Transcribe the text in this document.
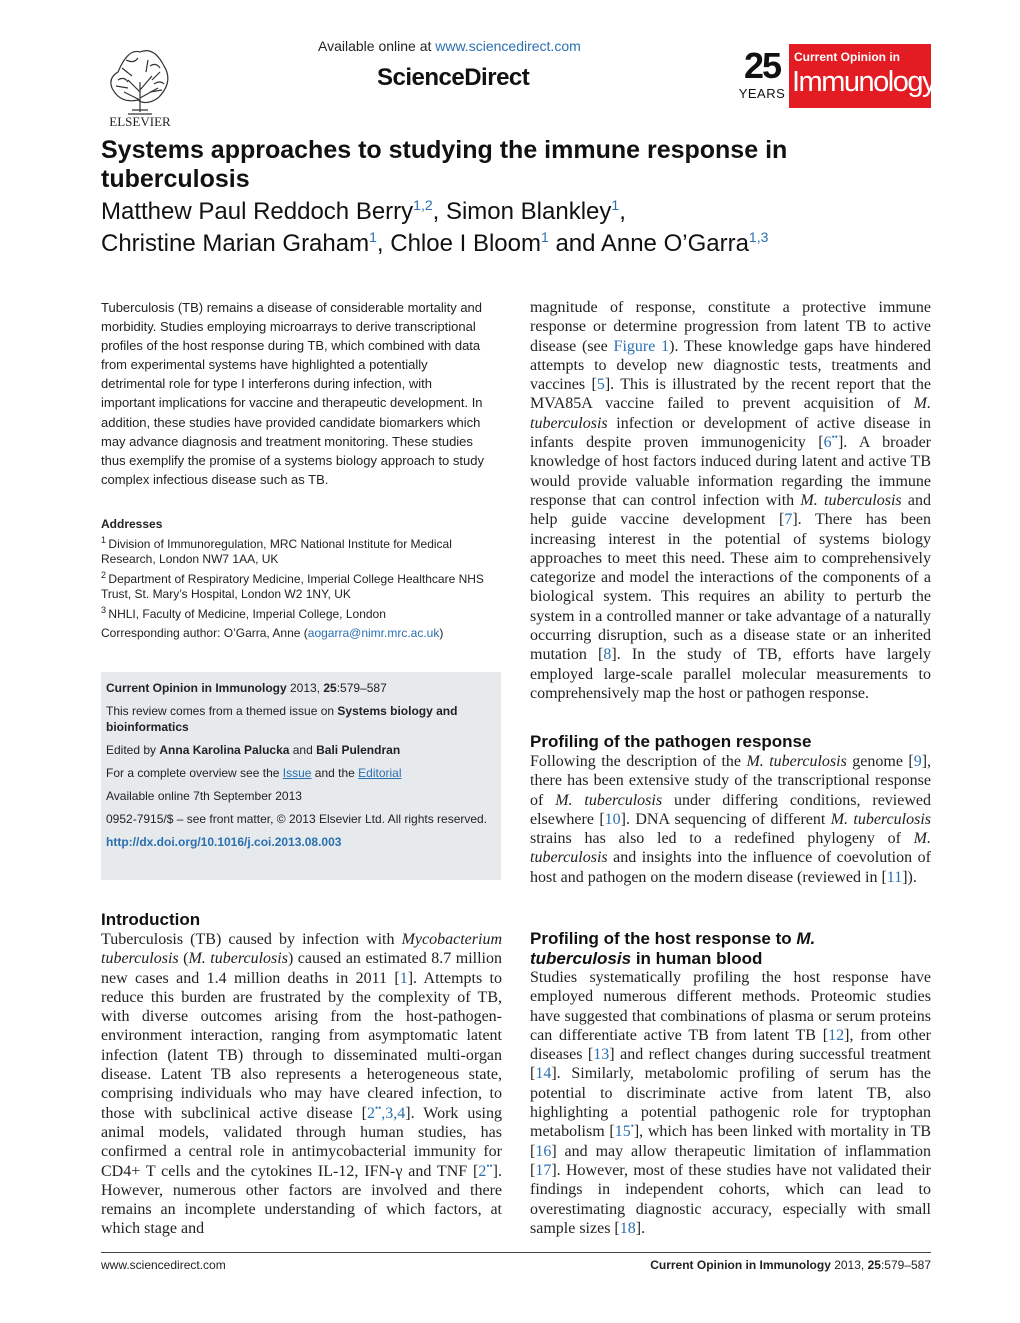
ELSEVIER
Available online at www.sciencedirect.com
ScienceDirect	25
YEARS
Current Opinion in
Immunology
Systems approaches to studying the immune response in tuberculosis
Matthew Paul Reddoch Berry$^{1,2}$, Simon Blankley$^1$,
Christine Marian Graham$^1$, Chloe I Bloom$^1$ and Anne O’Garra$^{1,3}$
Tuberculosis (TB) remains a disease of considerable mortality and morbidity. Studies employing microarrays to derive transcriptional profiles of the host response during TB, which combined with data from experimental systems have highlighted a potentially detrimental role for type I interferons during infection, with important implications for vaccine and therapeutic development. In addition, these studies have provided candidate biomarkers which may advance diagnosis and treatment monitoring. These studies thus exemplify the promise of a systems biology approach to study complex infectious disease such as TB.
Addresses
$^1$  Division of Immunoregulation, MRC National Institute for Medical Research, London NW7 1AA, UK
$^2$  Department of Respiratory Medicine, Imperial College Healthcare NHS Trust, St. Mary’s Hospital, London W2 1NY, UK
$^3$  NHLI, Faculty of Medicine, Imperial College, London
Corresponding author: O’Garra, Anne (aogarra@nimr.mrc.ac.uk)

Current Opinion in Immunology 2013, 25:579–587

This review comes from a themed issue on Systems biology and bioinformatics

Edited by Anna Karolina Palucka and Bali Pulendran

For a complete overview see the Issue and the Editorial

Available online 7th September 2013

0952-7915/$ – see front matter, © 2013 Elsevier Ltd. All rights reserved.

http://dx.doi.org/10.1016/j.coi.2013.08.003

Introduction
Tuberculosis (TB) caused by infection with Mycobacterium tuberculosis (M. tuberculosis) caused an estimated 8.7 million new cases and 1.4 million deaths in 2011 [1]. Attempts to reduce this burden are frustrated by the complexity of TB, with diverse outcomes arising from the host-pathogen-environment interaction, ranging from asymptomatic latent infection (latent TB) through to disseminated multi-organ disease. Latent TB also represents a heterogeneous state, comprising individuals who may have cleared infection, to those with subclinical active disease [2••,3,4]. Work using animal models, validated through human studies, has confirmed a central role in antimycobacterial immunity for CD4+ T cells and the cytokines IL-12, IFN-γ and TNF [2••]. However, numerous other factors are involved and there remains an incomplete understanding of which factors, at which stage and
magnitude of response, constitute a protective immune response or determine progression from latent TB to active disease (see Figure 1). These knowledge gaps have hindered attempts to develop new diagnostic tests, treatments and vaccines [5]. This is illustrated by the recent report that the MVA85A vaccine failed to prevent acquisition of M. tuberculosis infection or development of active disease in infants despite proven immunogenicity [6••]. A broader knowledge of host factors induced during latent and active TB would provide valuable information regarding the immune response that can control infection with M. tuberculosis and help guide vaccine development [7]. There has been increasing interest in the potential of systems biology approaches to meet this need. These aim to comprehensively categorize and model the interactions of the components of a biological system. This requires an ability to perturb the system in a controlled manner or take advantage of a naturally occurring disruption, such as a disease state or an inherited mutation [8]. In the study of TB, efforts have largely employed large-scale parallel molecular measurements to comprehensively map the host or pathogen response.
Profiling of the pathogen response
Following the description of the M. tuberculosis genome [9], there has been extensive study of the transcriptional response of M. tuberculosis under differing conditions, reviewed elsewhere [10]. DNA sequencing of different M. tuberculosis strains has also led to a redefined phylogeny of M. tuberculosis and insights into the influence of coevolution of host and pathogen on the modern disease (reviewed in [11]).
Profiling of the host response to M.
tuberculosis in human blood
Studies systematically profiling the host response have employed numerous different methods. Proteomic studies have suggested that combinations of plasma or serum proteins can differentiate active TB from latent TB [12], from other diseases [13] and reflect changes during successful treatment [14]. Similarly, metabolomic profiling of serum has the potential to discriminate active from latent TB, also highlighting a potential pathogenic role for tryptophan metabolism [15•], which has been linked with mortality in TB [16] and may allow therapeutic limitation of inflammation [17]. However, most of these studies have not validated their findings in independent cohorts, which can lead to overestimating diagnostic accuracy, especially with small sample sizes [18].
www.sciencedirect.com	Current Opinion in Immunology 2013, 25:579–587
